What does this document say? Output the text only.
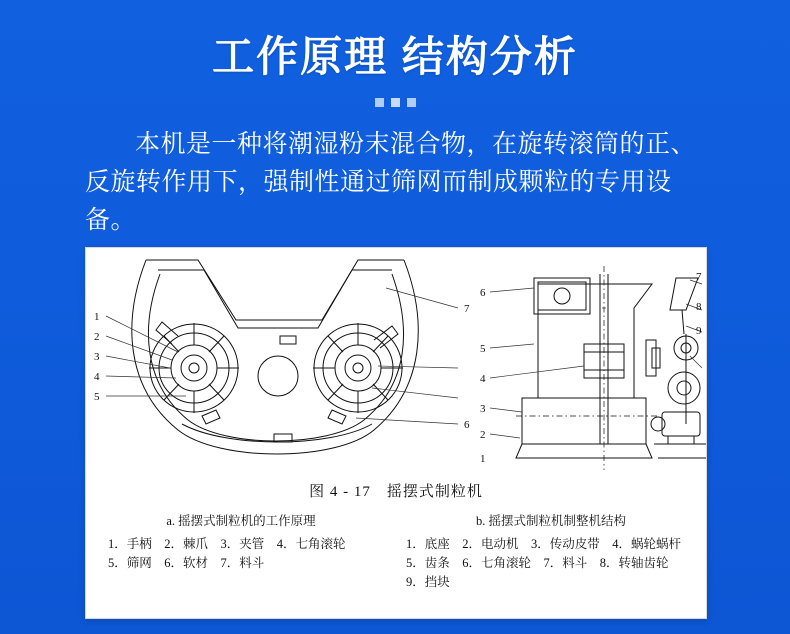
工作原理 结构分析
本机是一种将潮湿粉末混合物，在旋转滚筒的正、反旋转作用下，强制性通过筛网而制成颗粒的专用设备。
1
2
3
4
5
6
7
6
5
4
3
2
1
7
8
9
图 4 - 17　摇摆式制粒机
a. 摇摆式制粒机的工作原理	b. 摇摆式制粒机制整机结构
1．手柄　2．棘爪　3．夹管　4．七角滚轮
5．筛网　6．软材　7．料斗
1．底座　2．电动机　3．传动皮带　4．蜗轮蜗杆
5．齿条　6．七角滚轮　7．料斗　8．转轴齿轮
9．挡块
